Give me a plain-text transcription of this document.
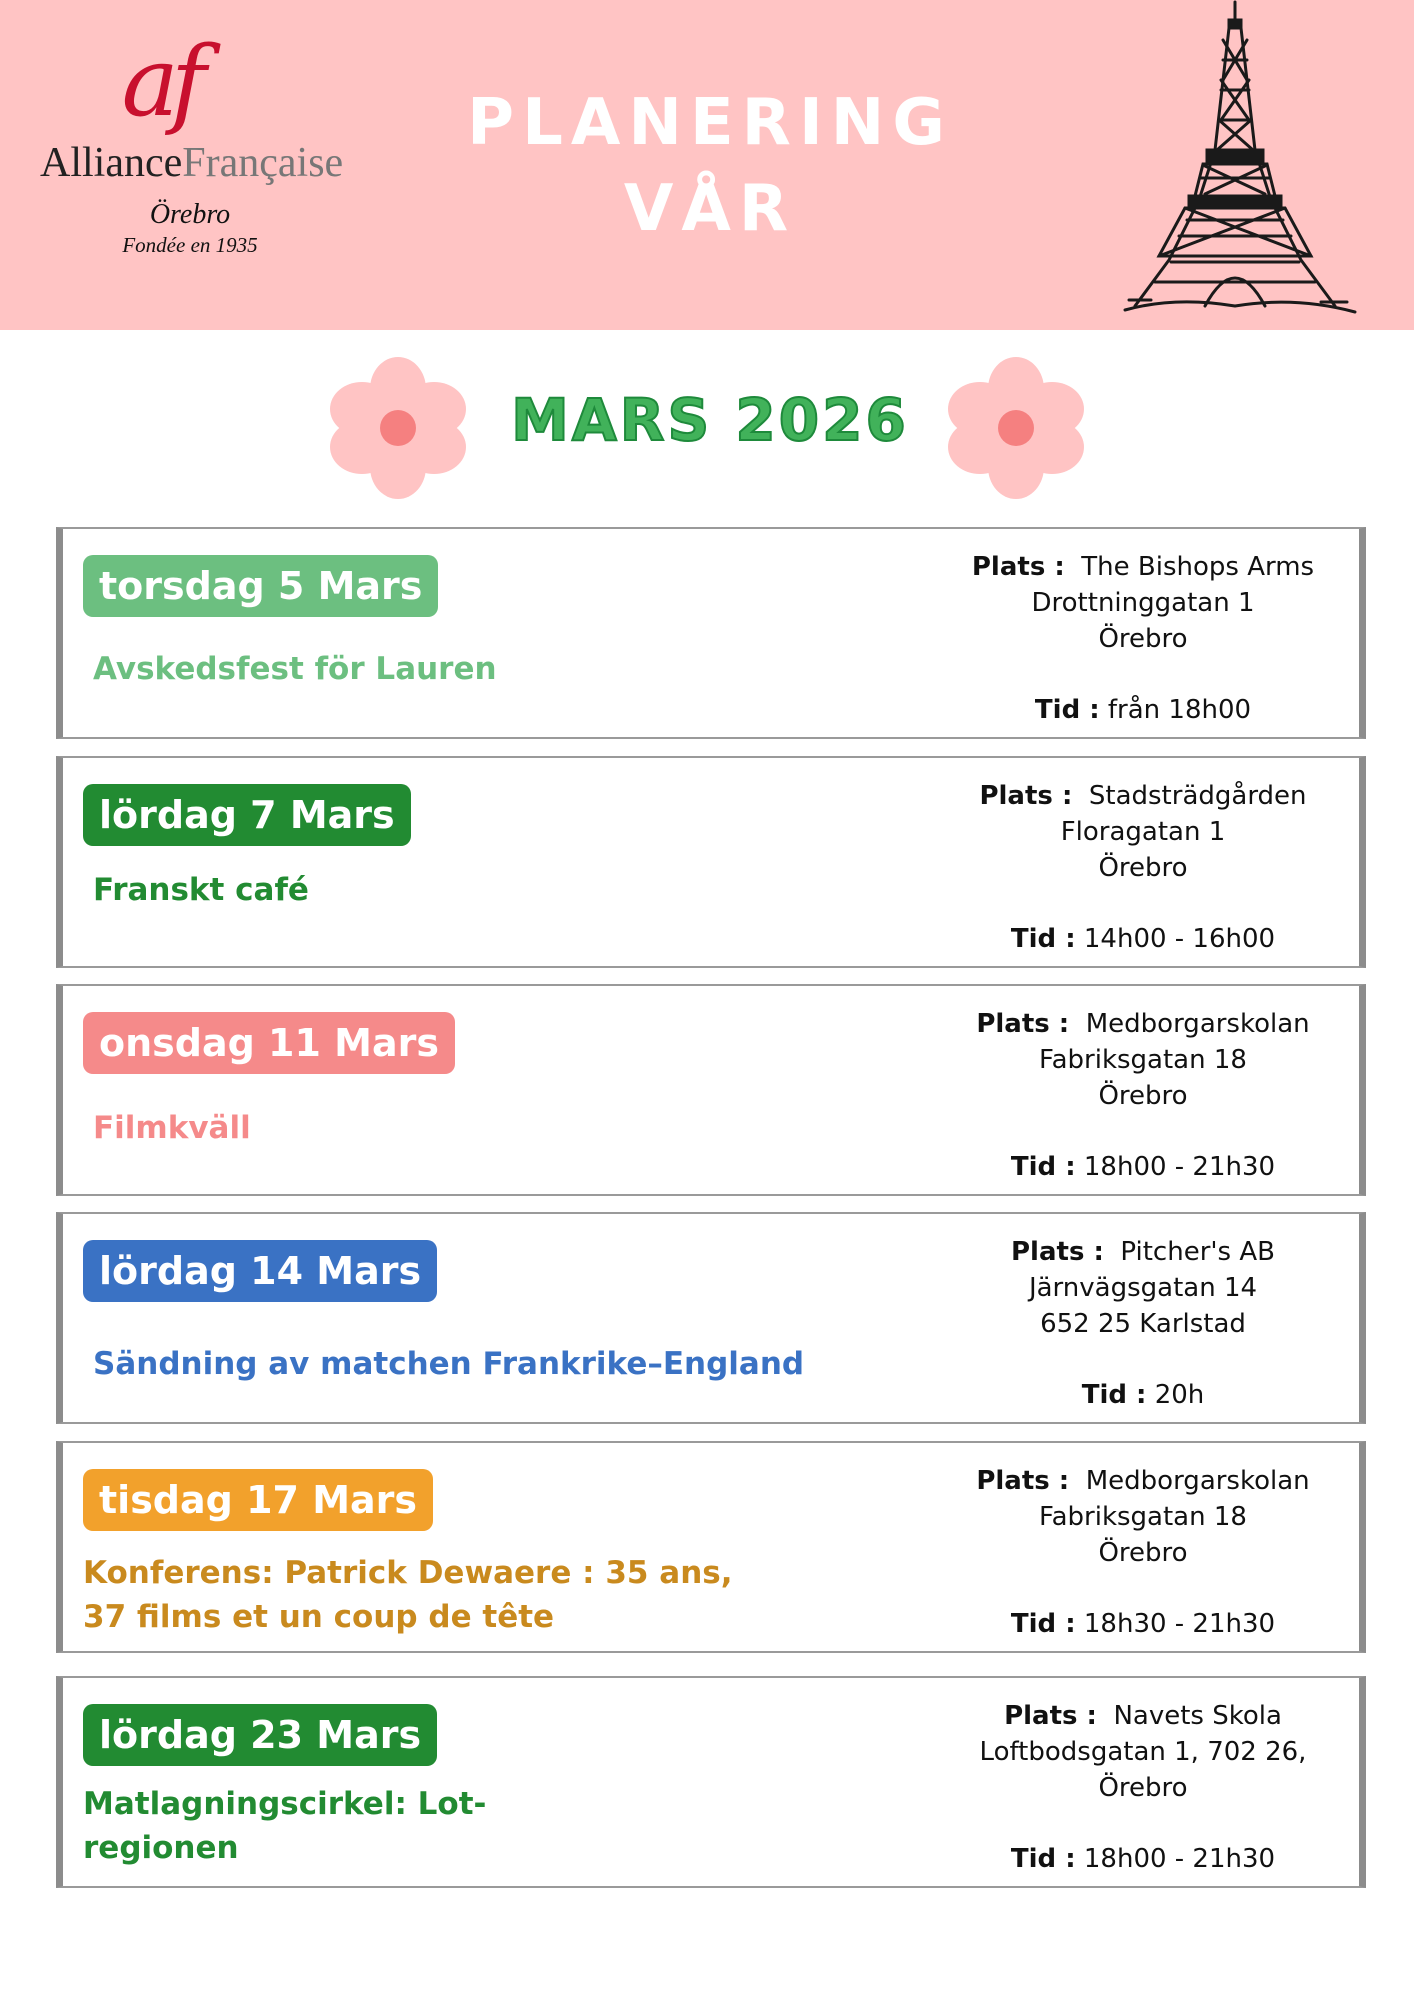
af
AllianceFrançaise
Örebro
Fondée en 1935
PLANERING
VÅR
MARS 2026
torsdag 5 Mars
Avskedsfest för Lauren
Plats : The Bishops Arms
Drottninggatan 1
Örebro
Tid : från 18h00
lördag 7 Mars
Franskt café
Plats : Stadsträdgården
Floragatan 1
Örebro
Tid : 14h00 - 16h00
onsdag 11 Mars
Filmkväll
Plats : Medborgarskolan
Fabriksgatan 18
Örebro
Tid : 18h00 - 21h30
lördag 14 Mars
Sändning av matchen Frankrike–England
Plats : Pitcher's AB
Järnvägsgatan 14
652 25 Karlstad
Tid : 20h
tisdag 17 Mars
Konferens: Patrick Dewaere : 35 ans,
37 films et un coup de tête
Plats : Medborgarskolan
Fabriksgatan 18
Örebro
Tid : 18h30 - 21h30
lördag 23 Mars
Matlagningscirkel: Lot-
regionen
Plats : Navets Skola
Loftbodsgatan 1, 702 26,
Örebro
Tid : 18h00 - 21h30
